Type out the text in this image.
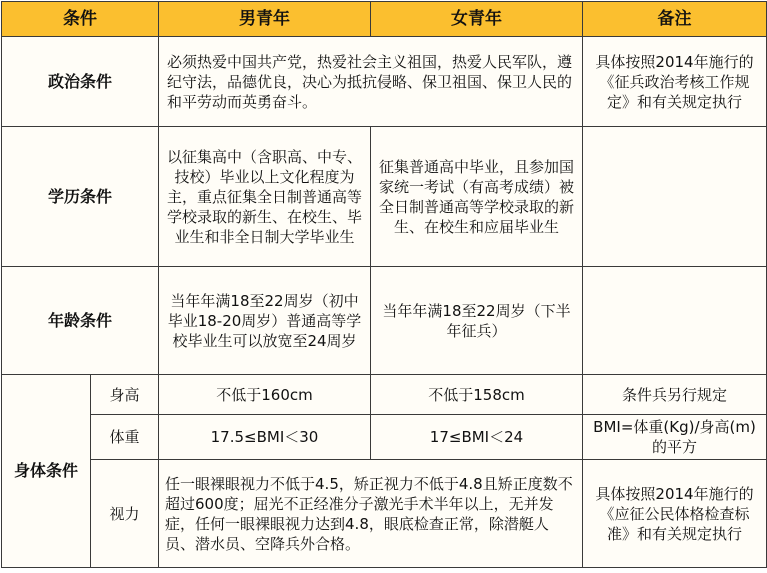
条件		男青年	女青年	备注
政治条件		必须热爱中国共产党，热爱社会主义祖国，热爱人民军队，遵纪守法，品德优良，决心为抵抗侵略、保卫祖国、保卫人民的和平劳动而英勇奋斗。		具体按照2014年施行的《征兵政治考核工作规定》和有关规定执行
学历条件		以征集高中（含职高、中专、技校）毕业以上文化程度为主，重点征集全日制普通高等学校录取的新生、在校生、毕业生和非全日制大学毕业生	征集普通高中毕业，且参加国家统一考试（有高考成绩）被全日制普通高等学校录取的新生、在校生和应届毕业生	
年龄条件		当年年满18至22周岁（初中毕业18-20周岁）普通高等学校毕业生可以放宽至24周岁	当年年满18至22周岁（下半年征兵）	
身体条件	身高	不低于160cm	不低于158cm	条件兵另行规定
	体重	17.5≤BMI＜30	17≤BMI＜24	BMI=体重(Kg)/身高(m)的平方
	视力	任一眼裸眼视力不低于4.5，矫正视力不低于4.8且矫正度数不超过600度；屈光不正经准分子激光手术半年以上，无并发症，任何一眼裸眼视力达到4.8，眼底检查正常，除潜艇人员、潜水员、空降兵外合格。		具体按照2014年施行的《应征公民体格检查标准》和有关规定执行
